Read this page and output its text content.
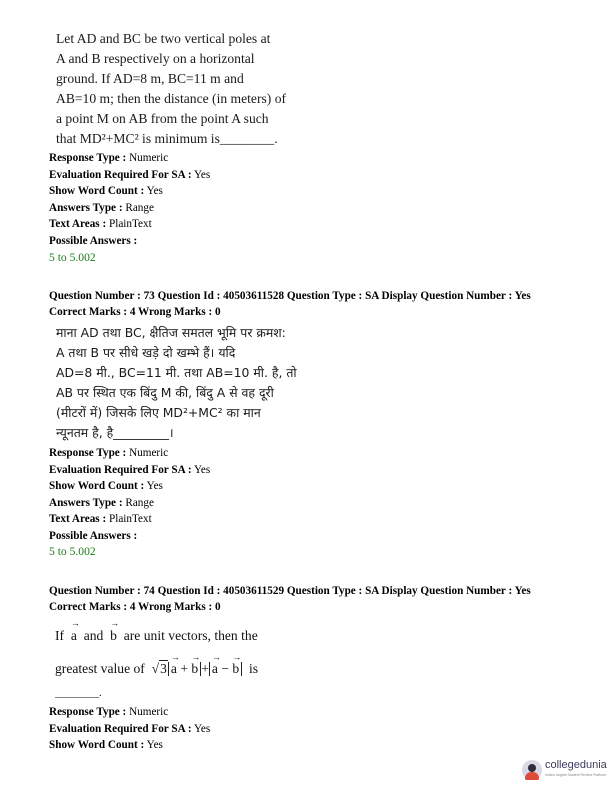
Let AD and BC be two vertical poles at
A and B respectively on a horizontal
ground. If AD=8 m, BC=11 m and
AB=10 m; then the distance (in meters) of
a point M on AB from the point A such
that MD²+MC² is minimum is________.
Response Type : Numeric
Evaluation Required For SA : Yes
Show Word Count : Yes
Answers Type : Range
Text Areas : PlainText
Possible Answers :
5 to 5.002
Question Number : 73 Question Id : 40503611528 Question Type : SA Display Question Number : Yes
Correct Marks : 4 Wrong Marks : 0
माना AD तथा BC, क्षैतिज समतल भूमि पर क्रमश:
A तथा B पर सीधे खड़े दो खम्भे हैं। यदि
AD=8 मी., BC=11 मी. तथा AB=10 मी. है, तो
AB पर स्थित एक बिंदु M की, बिंदु A से वह दूरी
(मीटरों में) जिसके लिए MD²+MC² का मान
न्यूनतम है, है_________।
Response Type : Numeric
Evaluation Required For SA : Yes
Show Word Count : Yes
Answers Type : Range
Text Areas : PlainText
Possible Answers :
5 to 5.002
Question Number : 74 Question Id : 40503611529 Question Type : SA Display Question Number : Yes
Correct Marks : 4 Wrong Marks : 0
If
→
a and
→
b are unit vectors, then the
greatest value of √3
→
a +
→
b +
→
a −
→
b is
________.
Response Type : Numeric
Evaluation Required For SA : Yes
Show Word Count : Yes
collegedunia
India's largest Student Review Platform
